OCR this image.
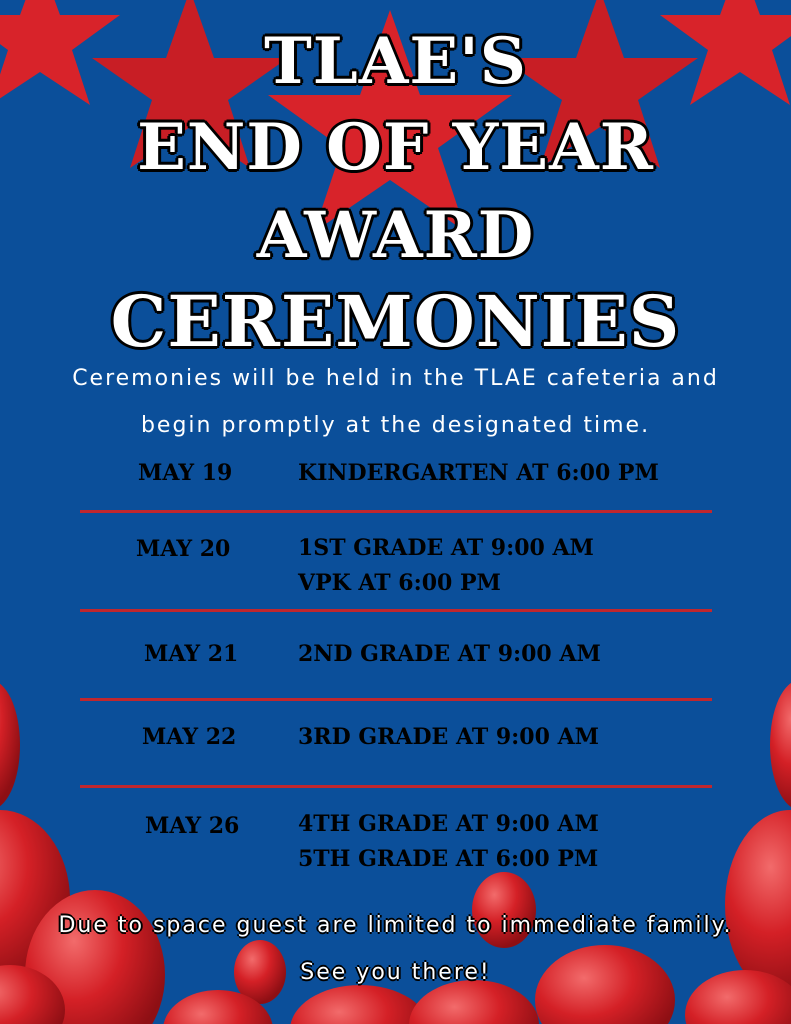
TLAE'S
END OF YEAR
AWARD
CEREMONIES
Ceremonies will be held in the TLAE cafeteria and
begin promptly at the designated time.
MAY 19	KINDERGARTEN AT 6:00 PM
MAY 20	1ST GRADE AT 9:00 AM
VPK AT 6:00 PM
MAY 21	2ND GRADE AT 9:00 AM
MAY 22	3RD GRADE AT 9:00 AM
MAY 26	4TH GRADE AT 9:00 AM
5TH GRADE AT 6:00 PM
Due to space guest are limited to immediate family.
See you there!
